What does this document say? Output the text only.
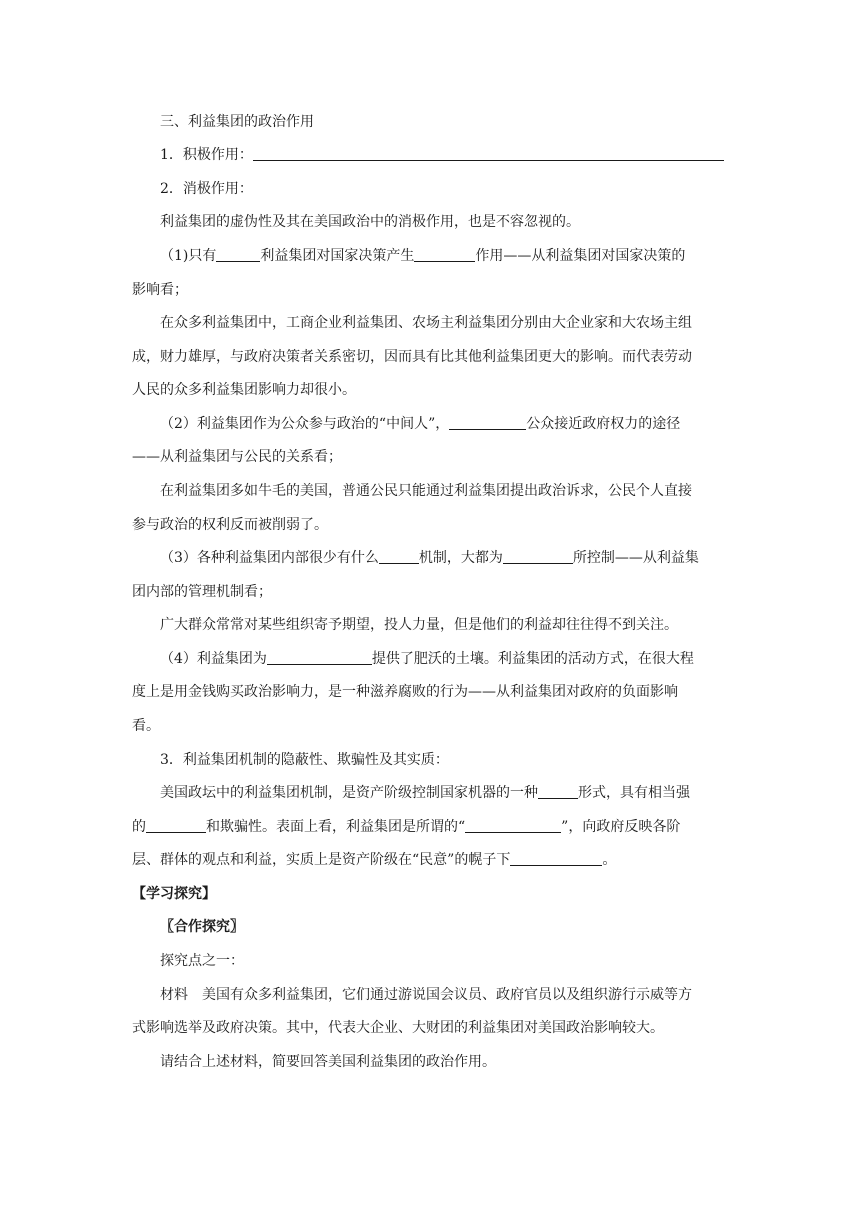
三、利益集团的政治作用
1．积极作用：
2．消极作用：
利益集团的虚伪性及其在美国政治中的消极作用，也是不容忽视的。
（1)只有	利益集团对国家决策产生	作用——从利益集团对国家决策的
影响看；
在众多利益集团中，工商企业利益集团、农场主利益集团分别由大企业家和大农场主组
成，财力雄厚，与政府决策者关系密切，因而具有比其他利益集团更大的影响。而代表劳动
人民的众多利益集团影响力却很小。
（2）利益集团作为公众参与政治的“中间人”，	公众接近政府权力的途径
——从利益集团与公民的关系看；
在利益集团多如牛毛的美国，普通公民只能通过利益集团提出政治诉求，公民个人直接
参与政治的权利反而被削弱了。
（3）各种利益集团内部很少有什么	机制，大都为	所控制——从利益集
团内部的管理机制看；
广大群众常常对某些组织寄予期望，投人力量，但是他们的利益却往往得不到关注。
（4）利益集团为	提供了肥沃的土壤。利益集团的活动方式，在很大程
度上是用金钱购买政治影响力，是一种滋养腐败的行为——从利益集团对政府的负面影响
看。
3．利益集团机制的隐蔽性、欺骗性及其实质：
美国政坛中的利益集团机制，是资产阶级控制国家机器的一种	形式，具有相当强
的	和欺骗性。表面上看，利益集团是所谓的“	”，向政府反映各阶
层、群体的观点和利益，实质上是资产阶级在“民意”的幌子下	。
【学习探究】
〖合作探究〗
探究点之一：
材料　美国有众多利益集团，它们通过游说国会议员、政府官员以及组织游行示威等方
式影响选举及政府决策。其中，代表大企业、大财团的利益集团对美国政治影响较大。
请结合上述材料，简要回答美国利益集团的政治作用。
